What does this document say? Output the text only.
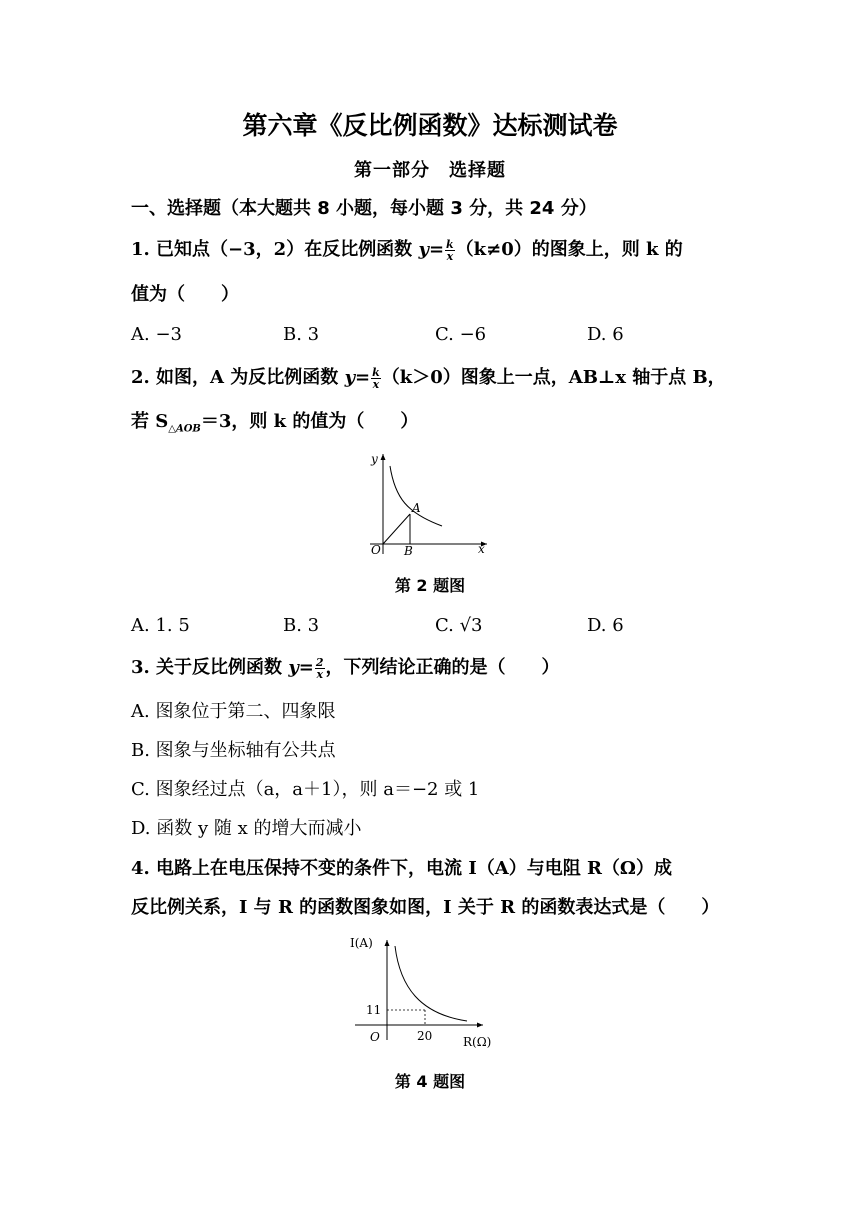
第六章《反比例函数》达标测试卷
第一部分　选择题
一、选择题（本大题共 8 小题，每小题 3 分，共 24 分）
1. 已知点（−3，2）在反比例函数 $y= \frac{k}{x} (k\ne 0)$的图象上，则 k 的
值为（　　）
A. −3	B. 3	C. −6	D. 6
2. 如图，A 为反比例函数 $y= \frac{k}{x} (k>0)$图象上一点，AB⊥x 轴于点 B，
若 $S_{\triangle AOB}=3$，则 k 的值为（　　）
y
x
O
A
B
第 2 题图
A. 1. 5	B. 3	C. √3	D. 6
3. 关于反比例函数 $y= \frac{2}{x}$ ，下列结论正确的是（　　）
A. 图象位于第二、四象限
B. 图象与坐标轴有公共点
C. 图象经过点（a，a＋1），则 a＝−2 或 1
D. 函数 y 随 x 的增大而减小
4. 电路上在电压保持不变的条件下，电流 I（A）与电阻 R（Ω）成
反比例关系，I 与 R 的函数图象如图，I 关于 R 的函数表达式是（　　）
I(A)
R(Ω)
O
11
20
第 4 题图
